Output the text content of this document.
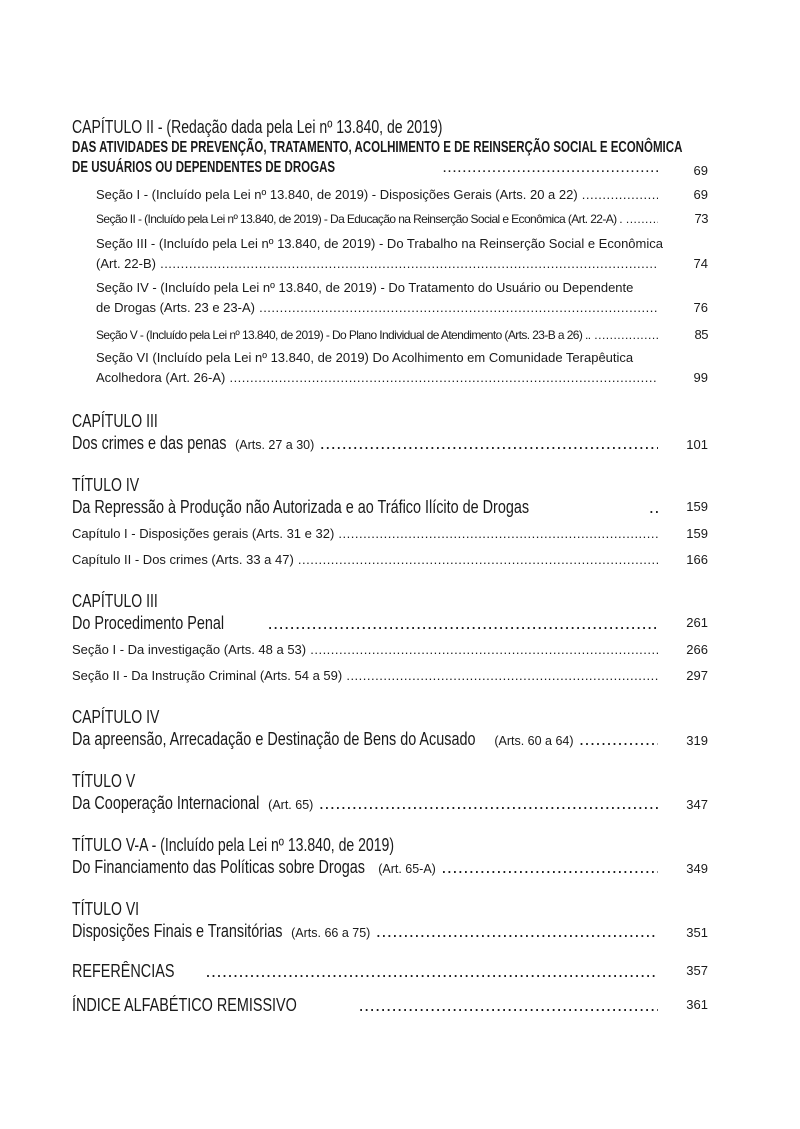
CAPÍTULO II - (Redação dada pela Lei nº 13.840, de 2019)
DAS ATIVIDADES DE PREVENÇÃO, TRATAMENTO, ACOLHIMENTO E DE REINSERÇÃO SOCIAL E ECONÔMICA
DE USUÁRIOS OU DEPENDENTES DE DROGAS .....	69
Seção I - (Incluído pela Lei nº 13.840, de 2019) - Disposições Gerais (Arts. 20 a 22) .....	69
Seção II - (Incluído pela Lei nº 13.840, de 2019) - Da Educação na Reinserção Social e Econômica (Art. 22-A) . .....	73
Seção III - (Incluído pela Lei nº 13.840, de 2019) - Do Trabalho na Reinserção Social e Econômica
(Art. 22-B) .....	74
Seção IV - (Incluído pela Lei nº 13.840, de 2019) - Do Tratamento do Usuário ou Dependente
de Drogas (Arts. 23 e 23-A) .....	76
Seção V - (Incluído pela Lei nº 13.840, de 2019) - Do Plano Individual de Atendimento (Arts. 23-B a 26) .. .....	85
Seção VI (Incluído pela Lei nº 13.840, de 2019) Do Acolhimento em Comunidade Terapêutica
Acolhedora (Art. 26-A) .....	99
CAPÍTULO III
Dos crimes e das penas (Arts. 27 a 30) .....	101
TÍTULO IV
Da Repressão à Produção não Autorizada e ao Tráfico Ilícito de Drogas .....	159
Capítulo I - Disposições gerais (Arts. 31 e 32) .....	159
Capítulo II - Dos crimes (Arts. 33 a 47) .....	166
CAPÍTULO III
Do Procedimento Penal .....	261
Seção I - Da investigação (Arts. 48 a 53) .....	266
Seção II - Da Instrução Criminal (Arts. 54 a 59) .....	297
CAPÍTULO IV
Da apreensão, Arrecadação e Destinação de Bens do Acusado (Arts. 60 a 64) .....	319
TÍTULO V
Da Cooperação Internacional (Art. 65) .....	347
TÍTULO V-A - (Incluído pela Lei nº 13.840, de 2019)
Do Financiamento das Políticas sobre Drogas (Art. 65-A) .....	349
TÍTULO VI
Disposições Finais e Transitórias (Arts. 66 a 75) .....	351
REFERÊNCIAS .....	357
ÍNDICE ALFABÉTICO REMISSIVO .....	361
